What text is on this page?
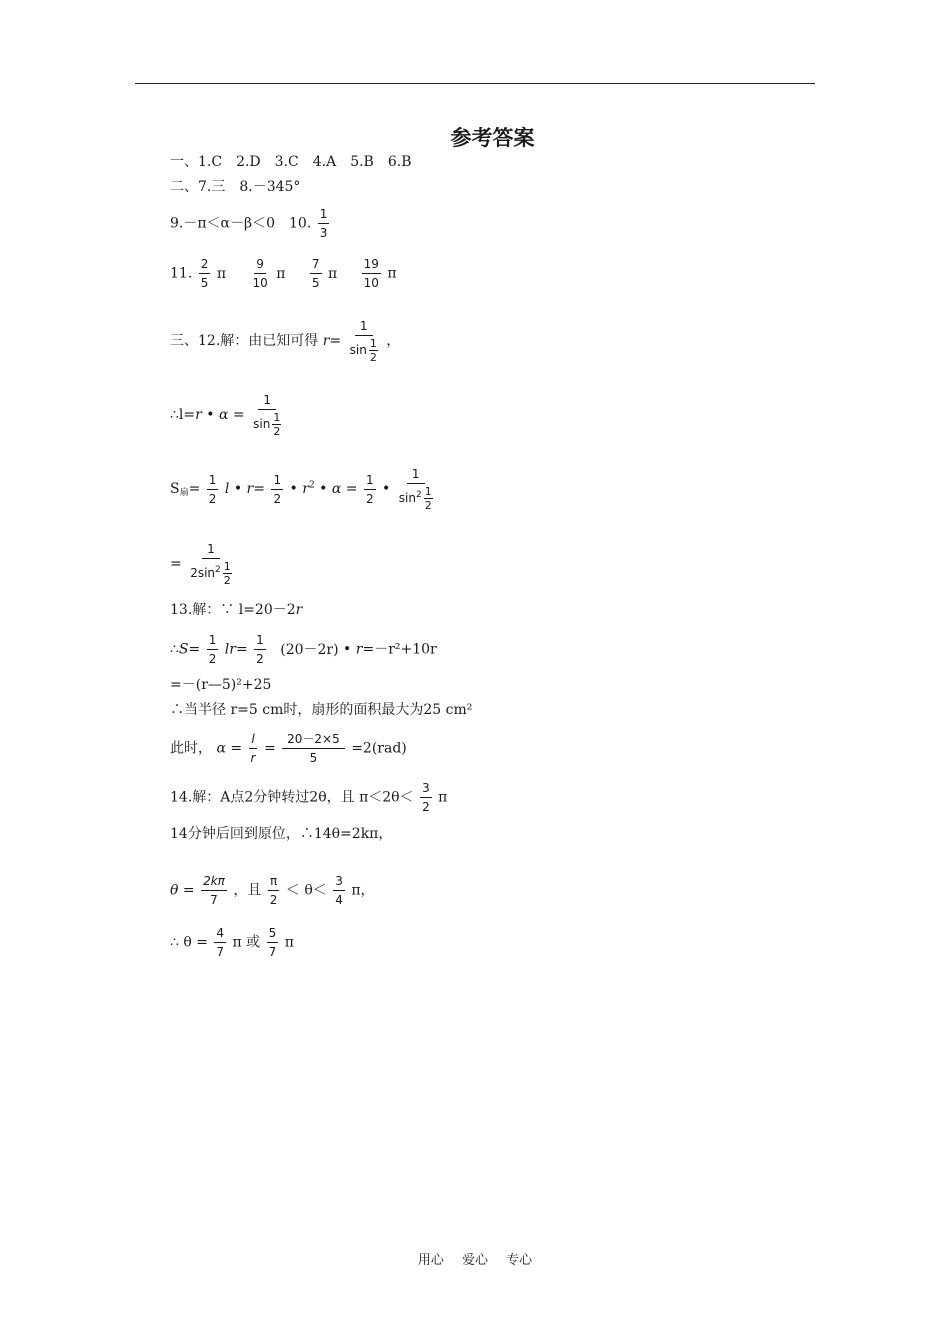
参考答案
一、1.C　2.D　3.C　4.A　5.B　6.B
二、7.三　8.－345°
9.－π＜α－β＜0　10. $\frac{1}{3}$
11. $\frac{2}{5}$ π $\frac{9}{10}$ π $\frac{7}{5}$ π $\frac{19}{10}$ π
三、12.解：由已知可得 $r= \frac{1}{\sin \frac{1}{2}}$ ，
∴l=r • $\alpha = \frac{1}{\sin \frac{1}{2}}$
$S_扇= \frac{1}{2}$ l • $r= \frac{1}{2}$ • $r^2$ • $\alpha = \frac{1}{2}$ • $\frac{1}{\sin^2 \frac{1}{2}}$
= $\frac{1}{2\sin^2 \frac{1}{2}}$
13.解：∵ l=20－2r
∴S= $\frac{1}{2} lr= \frac{1}{2} (20-2r)$ • r=－r²+10r
=－(r—5)²+25
∴当半径 r=5 cm时，扇形的面积最大为25 cm²
此时， $\alpha = \frac{l}{r} = \frac{20-2\times 5}{5} =2(rad)$
14.解：A点2分钟转过2θ，且 $\pi<2\theta< \frac{3}{2}$ π
14分钟后回到原位，∴14θ=2kπ，
$\theta = \frac{2k\pi}{7}$ ，且 $\frac{\pi}{2} < \theta< \frac{3}{4}$ π，
∴ $\theta = \frac{4}{7}$ π 或 $\frac{5}{7}$ π
用心 爱心 专心
